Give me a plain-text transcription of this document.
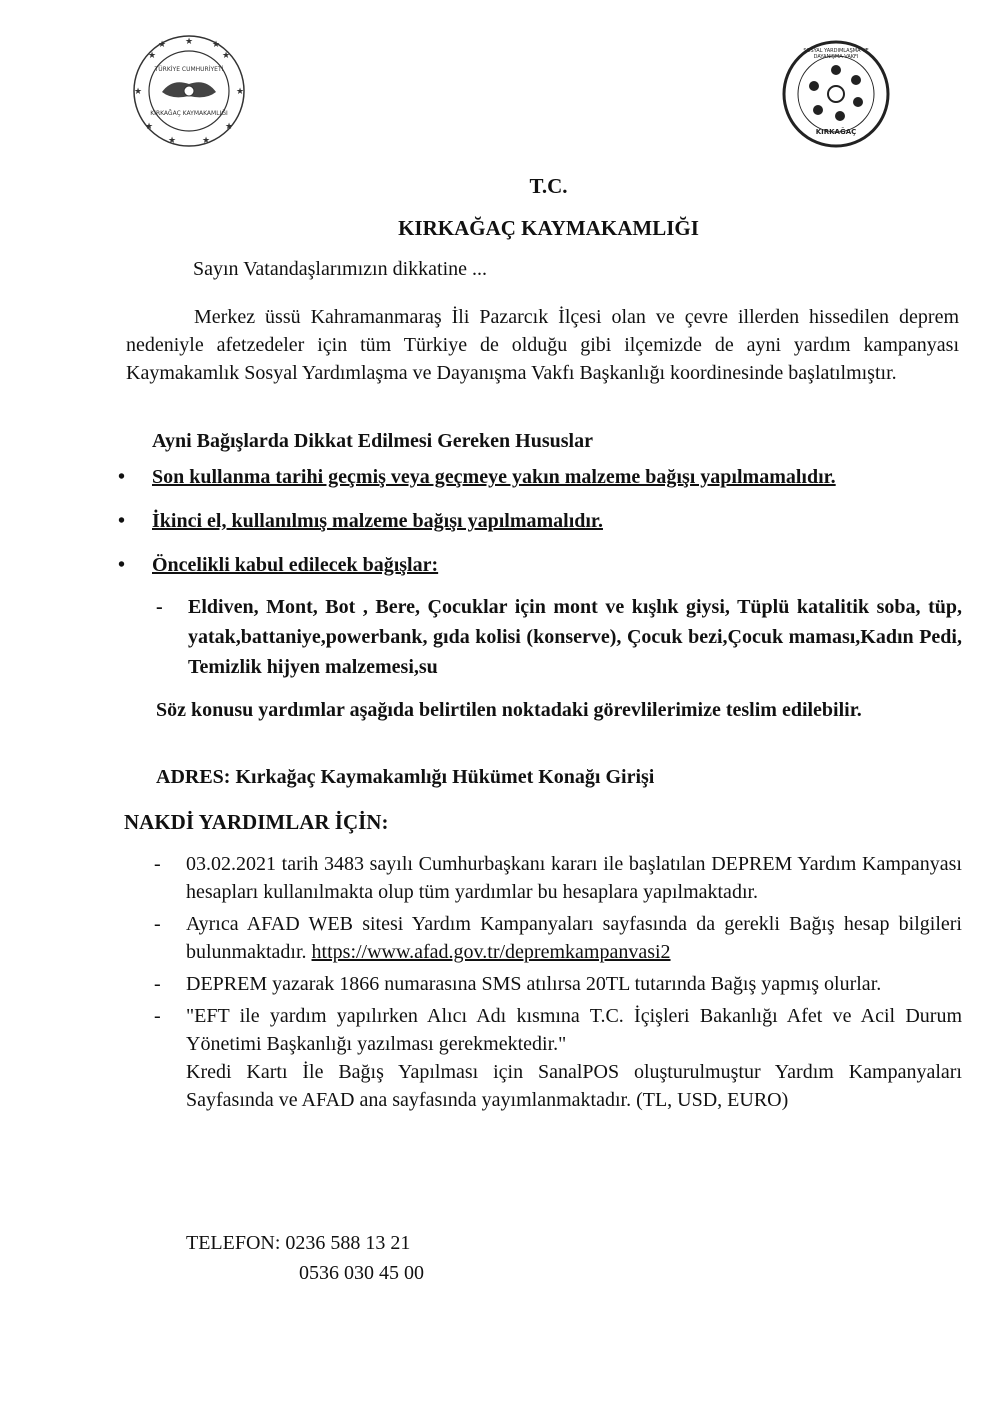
★
★	★
★	★
★	★
★	★
★	★
TÜRKİYE CUMHURİYETİ
KIRKAĞAÇ KAYMAKAMLIĞI
SOSYAL YARDIMLAŞMA VE DAYANIŞMA VAKFI
KIRKAĞAÇ
T.C.
KIRKAĞAÇ KAYMAKAMLIĞI
Sayın Vatandaşlarımızın dikkatine ...
Merkez üssü Kahramanmaraş İli Pazarcık İlçesi olan ve çevre illerden hissedilen deprem nedeniyle afetzedeler için tüm Türkiye de olduğu gibi ilçemizde de ayni yardım kampanyası Kaymakamlık Sosyal Yardımlaşma ve Dayanışma Vakfı Başkanlığı koordinesinde başlatılmıştır.
Ayni Bağışlarda Dikkat Edilmesi Gereken Hususlar
• Son kullanma tarihi geçmiş veya geçmeye yakın malzeme bağışı yapılmamalıdır.
• İkinci el, kullanılmış malzeme bağışı yapılmamalıdır.
• Öncelikli kabul edilecek bağışlar:
- Eldiven, Mont, Bot , Bere, Çocuklar için mont ve kışlık giysi, Tüplü katalitik soba, tüp, yatak,battaniye,powerbank, gıda kolisi (konserve), Çocuk bezi,Çocuk maması,Kadın Pedi, Temizlik hijyen malzemesi,su
Söz konusu yardımlar aşağıda belirtilen noktadaki görevlilerimize teslim edilebilir.
ADRES: Kırkağaç Kaymakamlığı Hükümet Konağı Girişi
NAKDİ YARDIMLAR İÇİN:
- 03.02.2021 tarih 3483 sayılı Cumhurbaşkanı kararı ile başlatılan DEPREM Yardım Kampanyası hesapları kullanılmakta olup tüm yardımlar bu hesaplara yapılmaktadır.
- Ayrıca AFAD WEB sitesi Yardım Kampanyaları sayfasında da gerekli Bağış hesap bilgileri bulunmaktadır. https://www.afad.gov.tr/depremkampanvasi2
- DEPREM yazarak 1866 numarasına SMS atılırsa 20TL tutarında Bağış yapmış olurlar.
- "EFT ile yardım yapılırken Alıcı Adı kısmına T.C. İçişleri Bakanlığı Afet ve Acil Durum Yönetimi Başkanlığı yazılması gerekmektedir."
Kredi Kartı İle Bağış Yapılması için SanalPOS oluşturulmuştur Yardım Kampanyaları Sayfasında ve AFAD ana sayfasında yayımlanmaktadır. (TL, USD, EURO)
TELEFON: 0236 588 13 21
0536 030 45 00
